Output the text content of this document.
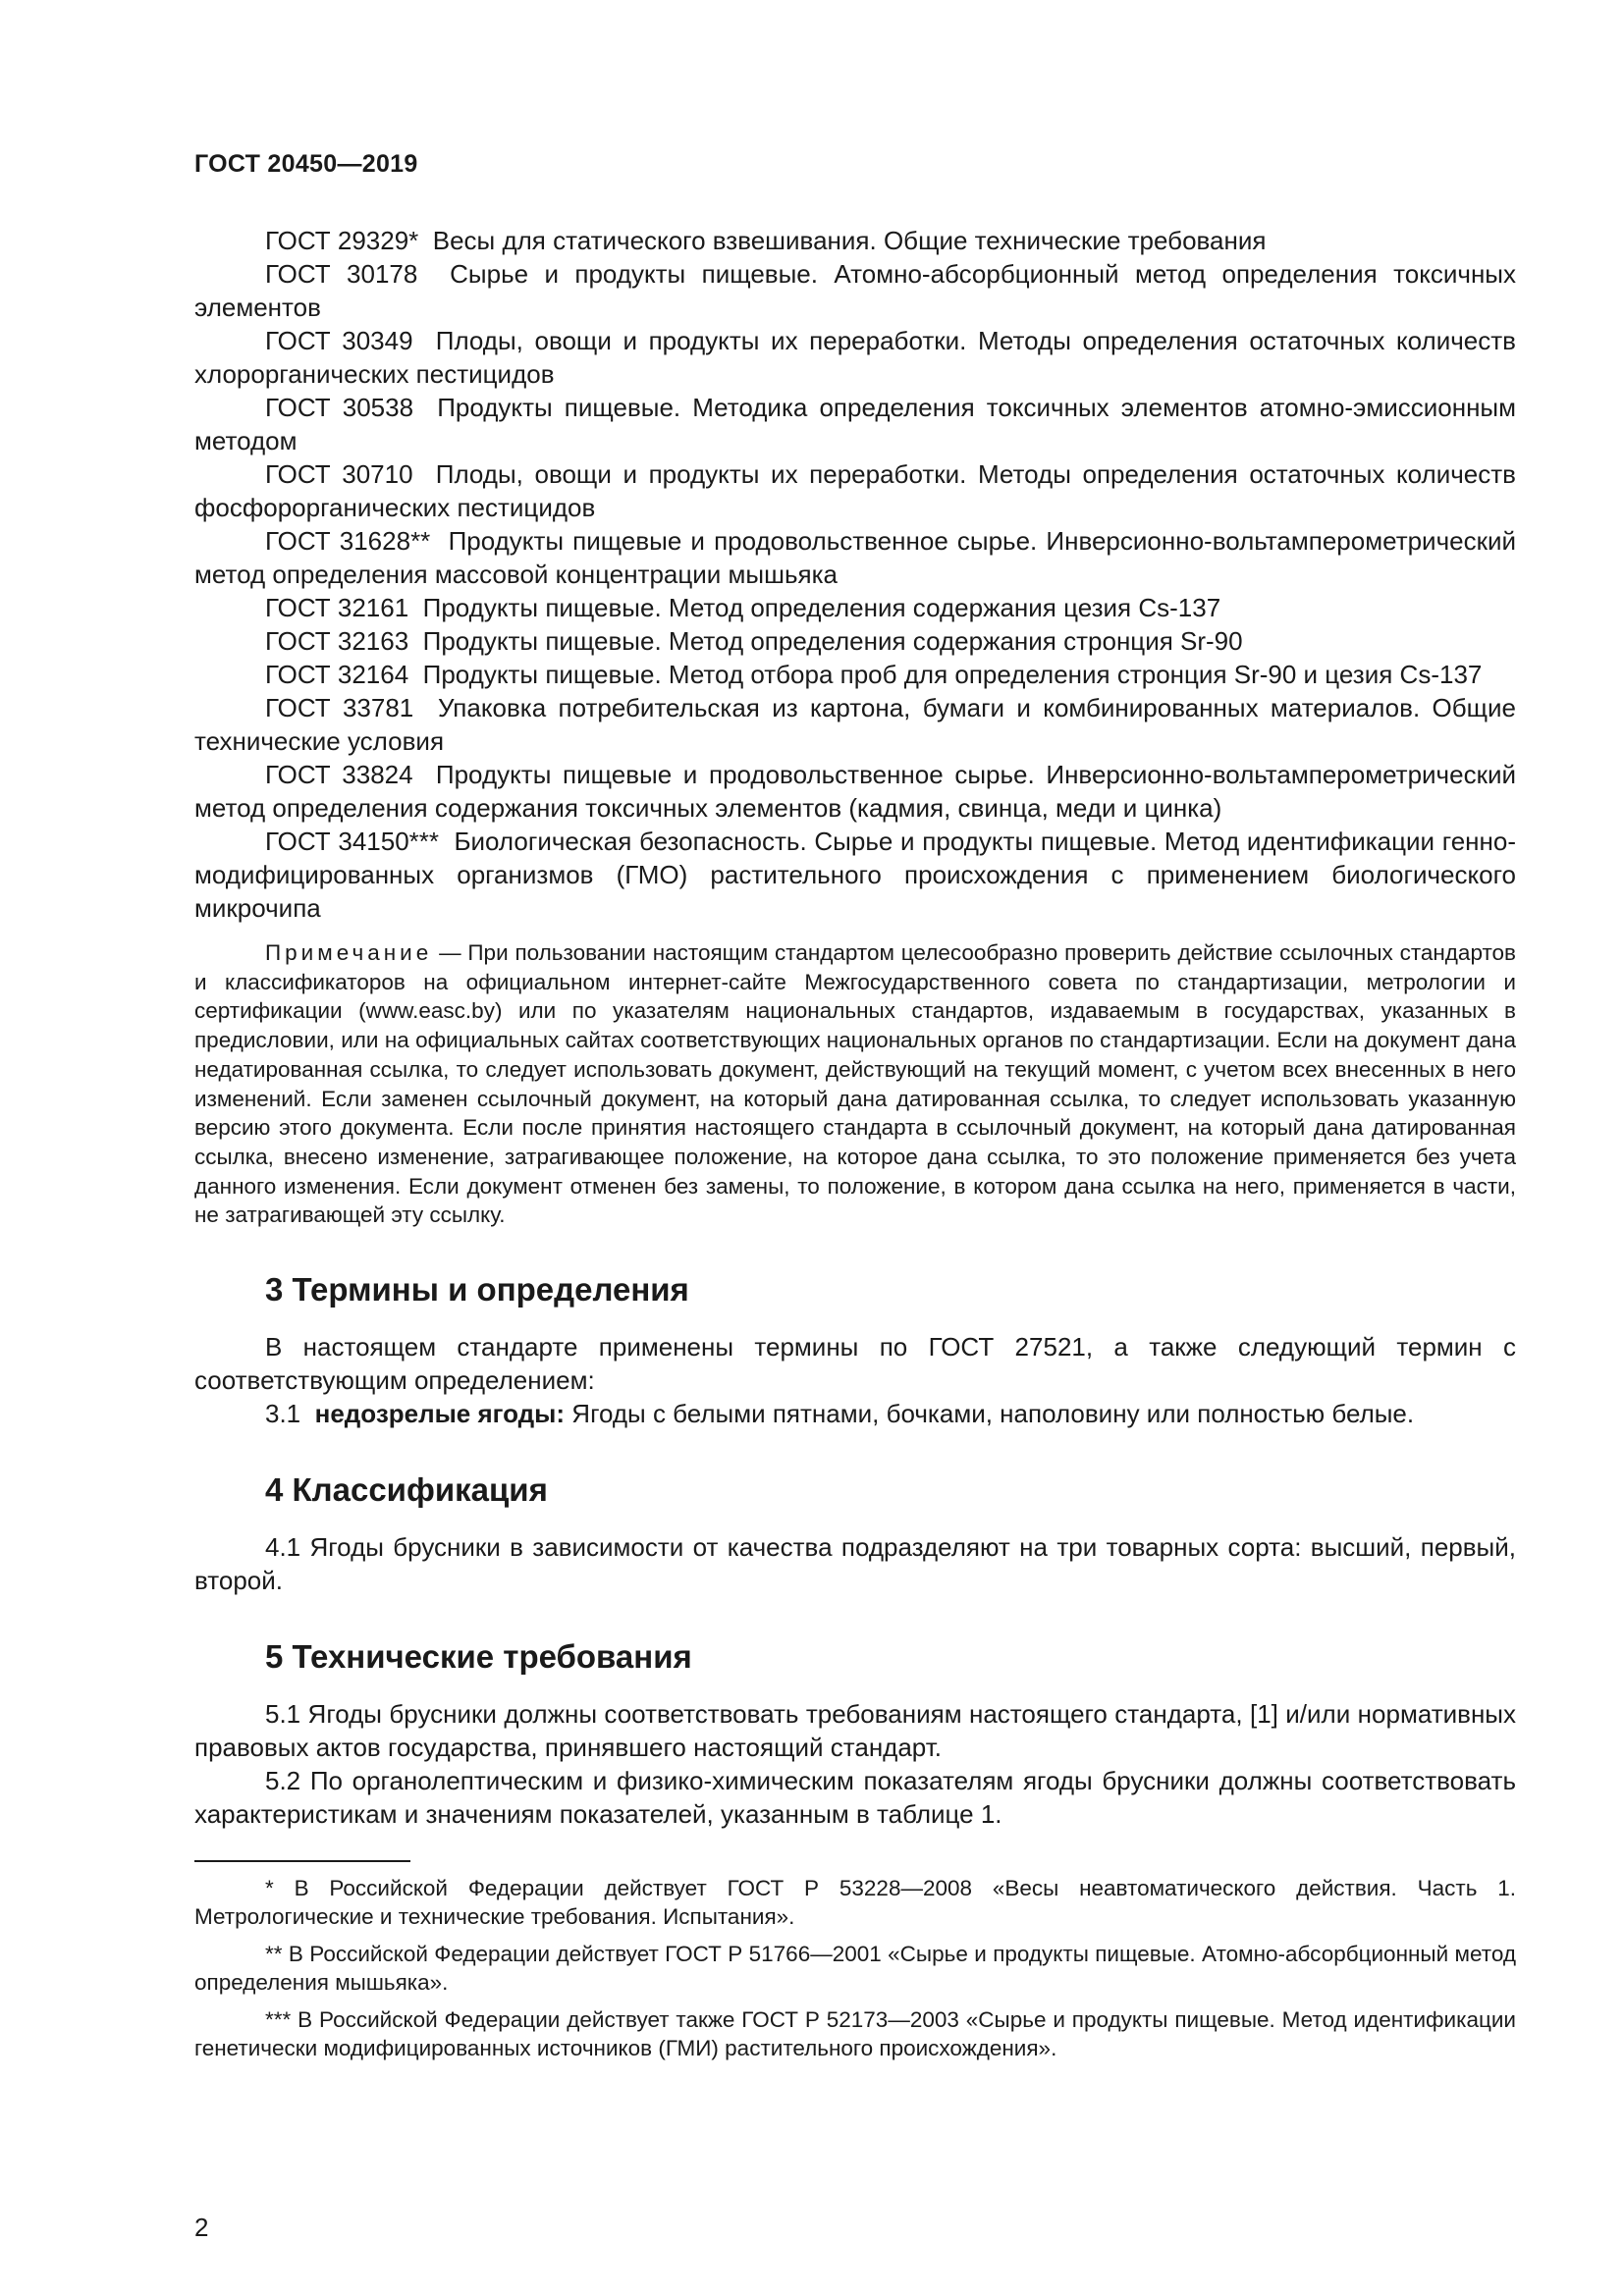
ГОСТ 20450—2019

ГОСТ 29329* Весы для статического взвешивания. Общие технические требования

ГОСТ 30178 Сырье и продукты пищевые. Атомно-абсорбционный метод определения токсичных элементов

ГОСТ 30349 Плоды, овощи и продукты их переработки. Методы определения остаточных количеств хлорорганических пестицидов

ГОСТ 30538 Продукты пищевые. Методика определения токсичных элементов атомно-эмиссионным методом

ГОСТ 30710 Плоды, овощи и продукты их переработки. Методы определения остаточных количеств фосфорорганических пестицидов

ГОСТ 31628** Продукты пищевые и продовольственное сырье. Инверсионно-вольтамперометрический метод определения массовой концентрации мышьяка

ГОСТ 32161 Продукты пищевые. Метод определения содержания цезия Cs-137

ГОСТ 32163 Продукты пищевые. Метод определения содержания стронция Sr-90

ГОСТ 32164 Продукты пищевые. Метод отбора проб для определения стронция Sr-90 и цезия Cs-137

ГОСТ 33781 Упаковка потребительская из картона, бумаги и комбинированных материалов. Общие технические условия

ГОСТ 33824 Продукты пищевые и продовольственное сырье. Инверсионно-вольтамперометрический метод определения содержания токсичных элементов (кадмия, свинца, меди и цинка)

ГОСТ 34150*** Биологическая безопасность. Сырье и продукты пищевые. Метод идентификации генно-модифицированных организмов (ГМО) растительного происхождения с применением биологического микрочипа

Примечание — При пользовании настоящим стандартом целесообразно проверить действие ссылочных стандартов и классификаторов на официальном интернет-сайте Межгосударственного совета по стандартизации, метрологии и сертификации (www.easc.by) или по указателям национальных стандартов, издаваемым в государствах, указанных в предисловии, или на официальных сайтах соответствующих национальных органов по стандартизации. Если на документ дана недатированная ссылка, то следует использовать документ, действующий на текущий момент, с учетом всех внесенных в него изменений. Если заменен ссылочный документ, на который дана датированная ссылка, то следует использовать указанную версию этого документа. Если после принятия настоящего стандарта в ссылочный документ, на который дана датированная ссылка, внесено изменение, затрагивающее положение, на которое дана ссылка, то это положение применяется без учета данного изменения. Если документ отменен без замены, то положение, в котором дана ссылка на него, применяется в части, не затрагивающей эту ссылку.

3 Термины и определения

В настоящем стандарте применены термины по ГОСТ 27521, а также следующий термин с соответствующим определением:

3.1 недозрелые ягоды: Ягоды с белыми пятнами, бочками, наполовину или полностью белые.

4 Классификация

4.1 Ягоды брусники в зависимости от качества подразделяют на три товарных сорта: высший, первый, второй.

5 Технические требования

5.1 Ягоды брусники должны соответствовать требованиям настоящего стандарта, [1] и/или нормативных правовых актов государства, принявшего настоящий стандарт.

5.2 По органолептическим и физико-химическим показателям ягоды брусники должны соответствовать характеристикам и значениям показателей, указанным в таблице 1.

* В Российской Федерации действует ГОСТ Р 53228—2008 «Весы неавтоматического действия. Часть 1. Метрологические и технические требования. Испытания».

** В Российской Федерации действует ГОСТ Р 51766—2001 «Сырье и продукты пищевые. Атомно-абсорбционный метод определения мышьяка».

*** В Российской Федерации действует также ГОСТ Р 52173—2003 «Сырье и продукты пищевые. Метод идентификации генетически модифицированных источников (ГМИ) растительного происхождения».

2
